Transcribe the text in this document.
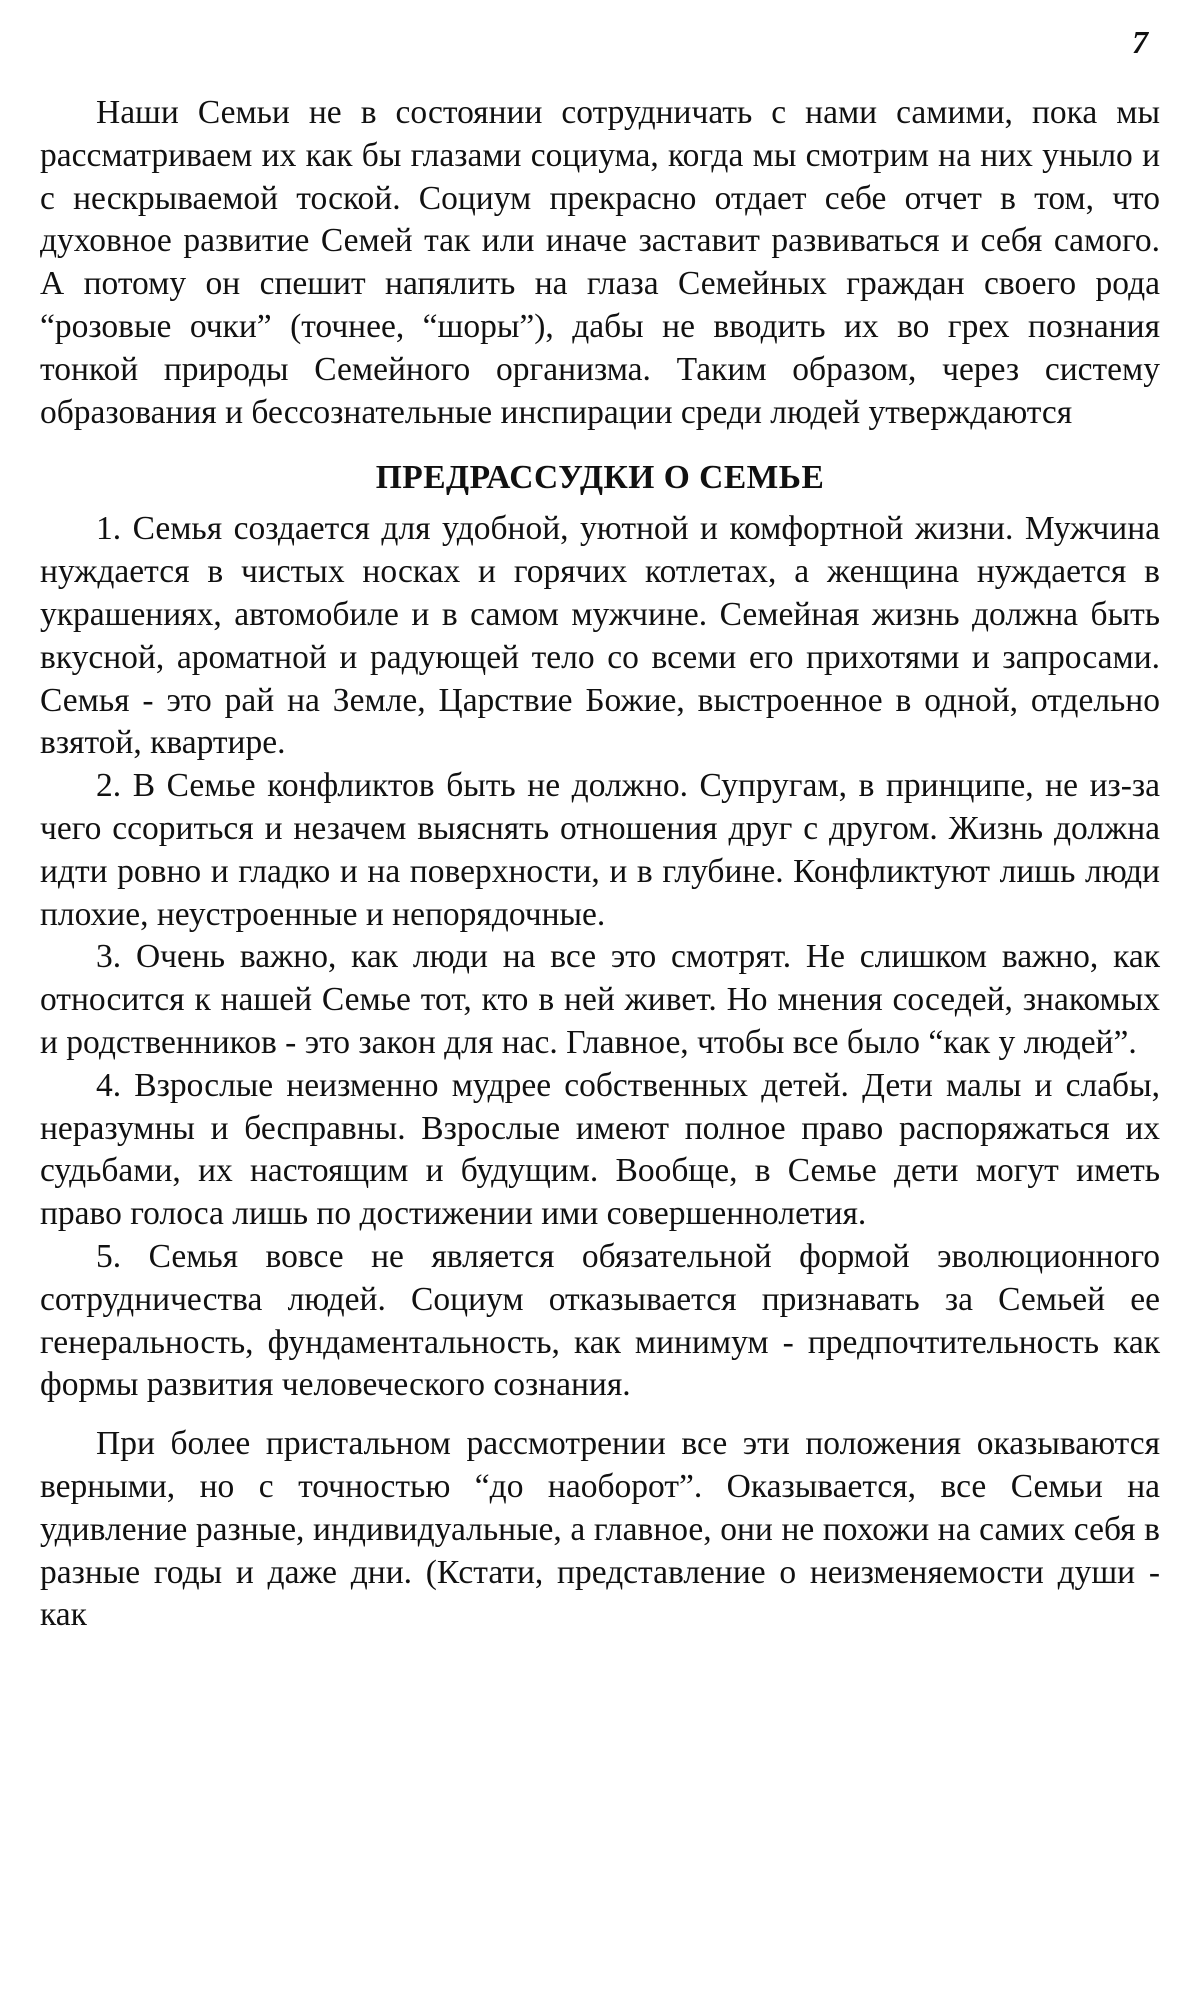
7

Наши Семьи не в состоянии сотрудничать с нами самими, пока мы рассматриваем их как бы глазами социума, когда мы смотрим на них уныло и с нескрываемой тоской. Социум прекрасно отдает себе отчет в том, что духовное развитие Семей так или иначе заставит развиваться и себя самого. А потому он спешит напялить на глаза Семейных граждан своего рода “розовые очки” (точнее, “шоры”), дабы не вводить их во грех познания тонкой природы Семейного организма. Таким образом, через систему образования и бессознательные инспирации среди людей утверждаются

ПРЕДРАССУДКИ О СЕМЬЕ

1. Семья создается для удобной, уютной и комфортной жизни. Мужчина нуждается в чистых носках и горячих котлетах, а женщина нуждается в украшениях, автомобиле и в самом мужчине. Семейная жизнь должна быть вкусной, ароматной и радующей тело со всеми его прихотями и запросами. Семья - это рай на Земле, Царствие Божие, выстроенное в одной, отдельно взятой, квартире.

2. В Семье конфликтов быть не должно. Супругам, в принципе, не из-за чего ссориться и незачем выяснять отношения друг с другом. Жизнь должна идти ровно и гладко и на поверхности, и в глубине. Конфликтуют лишь люди плохие, неустроенные и непорядочные.

3. Очень важно, как люди на все это смотрят. Не слишком важно, как относится к нашей Семье тот, кто в ней живет. Но мнения соседей, знакомых и родственников - это закон для нас. Главное, чтобы все было “как у людей”.

4. Взрослые неизменно мудрее собственных детей. Дети малы и слабы, неразумны и бесправны. Взрослые имеют полное право распоряжаться их судьбами, их настоящим и будущим. Вообще, в Семье дети могут иметь право голоса лишь по достижении ими совершеннолетия.

5. Семья вовсе не является обязательной формой эволюционного сотрудничества людей. Социум отказывается признавать за Семьей ее генеральность, фундаментальность, как минимум - предпочтительность как формы развития человеческого сознания.

При более пристальном рассмотрении все эти положения оказываются верными, но с точностью “до наоборот”. Оказывается, все Семьи на удивление разные, индивидуальные, а главное, они не похожи на самих себя в разные годы и даже дни. (Кстати, представление о неизменяемости души - как
